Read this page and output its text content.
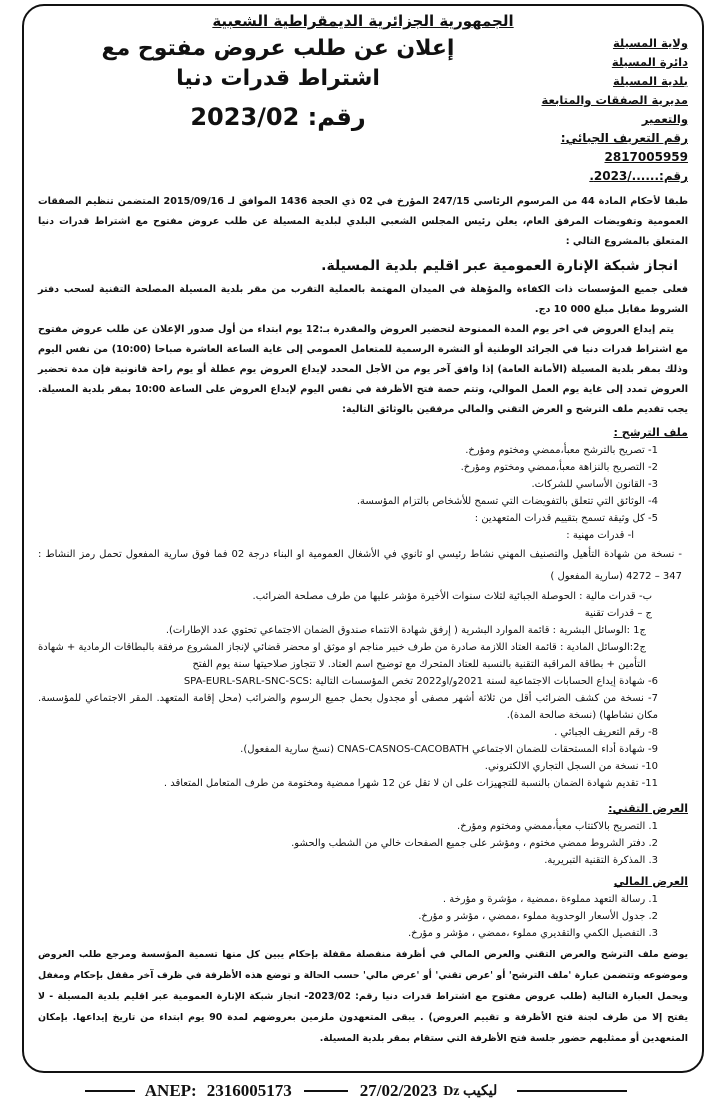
الجمهورية الجزائرية الديمقراطية الشعبية
ولاية المسيلة
دائرة المسيلة
بلدية المسيلة
مديرية الصفقات والمتابعة والتعمير
رقم التعريف الجبائي: 2817005959
رقم:....../2023.
إعلان عن طلب عروض مفتوح مع اشتراط قدرات دنيا
رقم: 2023/02
طبقا لأحكام المادة 44 من المرسوم الرئاسي 247/15 المؤرخ في 02 ذي الحجة 1436 الموافق لـ 2015/09/16 المتضمن تنظيم الصفقات العمومية وتفويضات المرفق العام، يعلن رئيس المجلس الشعبي البلدي لبلدية المسيلة عن طلب عروض مفتوح مع اشتراط قدرات دنيا المتعلق بالمشروع التالي :
انجاز شبكة الإنارة العمومية عبر اقليم بلدية المسيلة.
فعلى جميع المؤسسات ذات الكفاءة والمؤهلة في الميدان المهتمة بالعملية التقرب من مقر بلدية المسيلة المصلحة التقنية لسحب دفتر الشروط مقابل مبلغ 000 10 دج.
يتم إيداع العروض في اخر يوم المدة الممنوحة لتحضير العروض والمقدرة بـ:12 يوم ابتداء من أول صدور الإعلان عن طلب عروض مفتوح مع اشتراط قدرات دنيا في الجرائد الوطنية أو النشرة الرسمية للمتعامل العمومي إلى غاية الساعة العاشرة صباحا (10:00) من نفس اليوم وذلك بمقر بلدية المسيلة (الأمانة العامة) إذا وافق آخر يوم من الأجل المحدد لإيداع العروض يوم عطلة أو يوم راحة قانونية فإن مدة تحضير العروض تمدد إلى غاية يوم العمل الموالي، وتتم حصة فتح الأظرفة في نفس اليوم لإيداع العروض على الساعة 10:00 بمقر بلدية المسيلة. يجب تقديم ملف الترشح و العرض التقني والمالي مرفقين بالوثائق التالية:
ملف الترشح :
1- تصريح بالترشح معبأ،ممضي ومختوم ومؤرخ.
2- التصريح بالنزاهة معبأ،ممضي ومختوم ومؤرخ.
3- القانون الأساسي للشركات.
4- الوثائق التي تتعلق بالتفويضات التي تسمح للأشخاص بالتزام المؤسسة.
5- كل وثيقة تسمح بتقييم قدرات المتعهدين :
ا- قدرات مهنية :
- نسخة من شهادة التأهيل والتصنيف المهني نشاط رئيسي او ثانوي في الأشغال العمومية او البناء درجة 02 فما فوق سارية المفعول تحمل رمز النشاط : 347 – 4272 (سارية المفعول )
ب- قدرات مالية : الحوصلة الجبائية لثلاث سنوات الأخيرة مؤشر عليها من طرف مصلحة الضرائب.
ج – قدرات تقنية
ج1 :الوسائل البشرية : قائمة الموارد البشرية ( إرفق شهادة الانتماء صندوق الضمان الاجتماعي تحتوي عدد الإطارات).
ج2:الوسائل المادية : قائمة العتاد اللازمة صادرة من طرف خبير مناجم او موثق او محضر قضائي لإنجاز المشروع مرفقة بالبطاقات الرمادية + شهادة التأمين + بطاقة المراقبة التقنية بالنسبة للعتاد المتحرك مع توضيح اسم العتاد. لا تتجاوز صلاحيتها سنة يوم الفتح
6- شهادة إيداع الحسابات الاجتماعية لسنة 2021و/او2022 تخص المؤسسات التالية :SPA-EURL-SARL-SNC-SCS
7- نسخة من كشف الضرائب أقل من ثلاثة أشهر مصفى أو مجدول بحمل جميع الرسوم والضرائب (محل إقامة المتعهد. المقر الاجتماعي للمؤسسة. مكان نشاطها) (نسخة صالحة المدة).
8- رقم التعريف الجبائي .
9- شهادة أداء المستحقات للضمان الاجتماعي CNAS-CASNOS-CACOBATH (نسخ سارية المفعول).
10- نسخة من السجل التجاري الالكتروني.
11- تقديم شهادة الضمان بالنسبة للتجهيزات على ان لا تقل عن 12 شهرا ممضية ومختومة من طرف المتعامل المتعاقد .
العرض التقني:
1. التصريح بالاكتتاب معبأ،ممضي ومختوم ومؤرخ.
2. دفتر الشروط ممضي مختوم ، ومؤشر على جميع الصفحات خالي من الشطب والحشو.
3. المذكرة التقنية التبريرية.
العرض المالي
1. رسالة التعهد مملوءة ،ممضية ، مؤشرة و مؤرخة .
2. جدول الأسعار الوحدوية مملوء ،ممضي ، مؤشر و مؤرخ.
3. التفصيل الكمي والتقديري مملوء ،ممضي ، مؤشر و مؤرخ.
يوضع ملف الترشح والعرض التقني والعرض المالي في أظرفة منفصلة مقفلة بإحكام يبين كل منها تسمية المؤسسة ومرجع طلب العروض وموضوعه وتتضمن عبارة 'ملف الترشح' أو 'عرض تقني' أو 'عرض مالي' حسب الحالة و توضع هذه الأظرفة في ظرف آخر مقفل بإحكام ومغفل ويحمل العبارة التالية (طلب عروض مفتوح مع اشتراط قدرات دنيا رقم: 2023/02- انجاز شبكة الإنارة العمومية عبر اقليم بلدية المسيلة - لا يفتح إلا من طرف لجنة فتح الأظرفة و تقييم العروض) . يبقى المتعهدون ملزمين بعروضهم لمدة 90 يوم ابتداء من تاريخ إيداعها. بإمكان المتعهدين أو ممثليهم حضور جلسة فتح الأظرفة التي ستقام بمقر بلدية المسيلة.
ANEP: 2316005173	27/02/2023 Dz ليكيب
